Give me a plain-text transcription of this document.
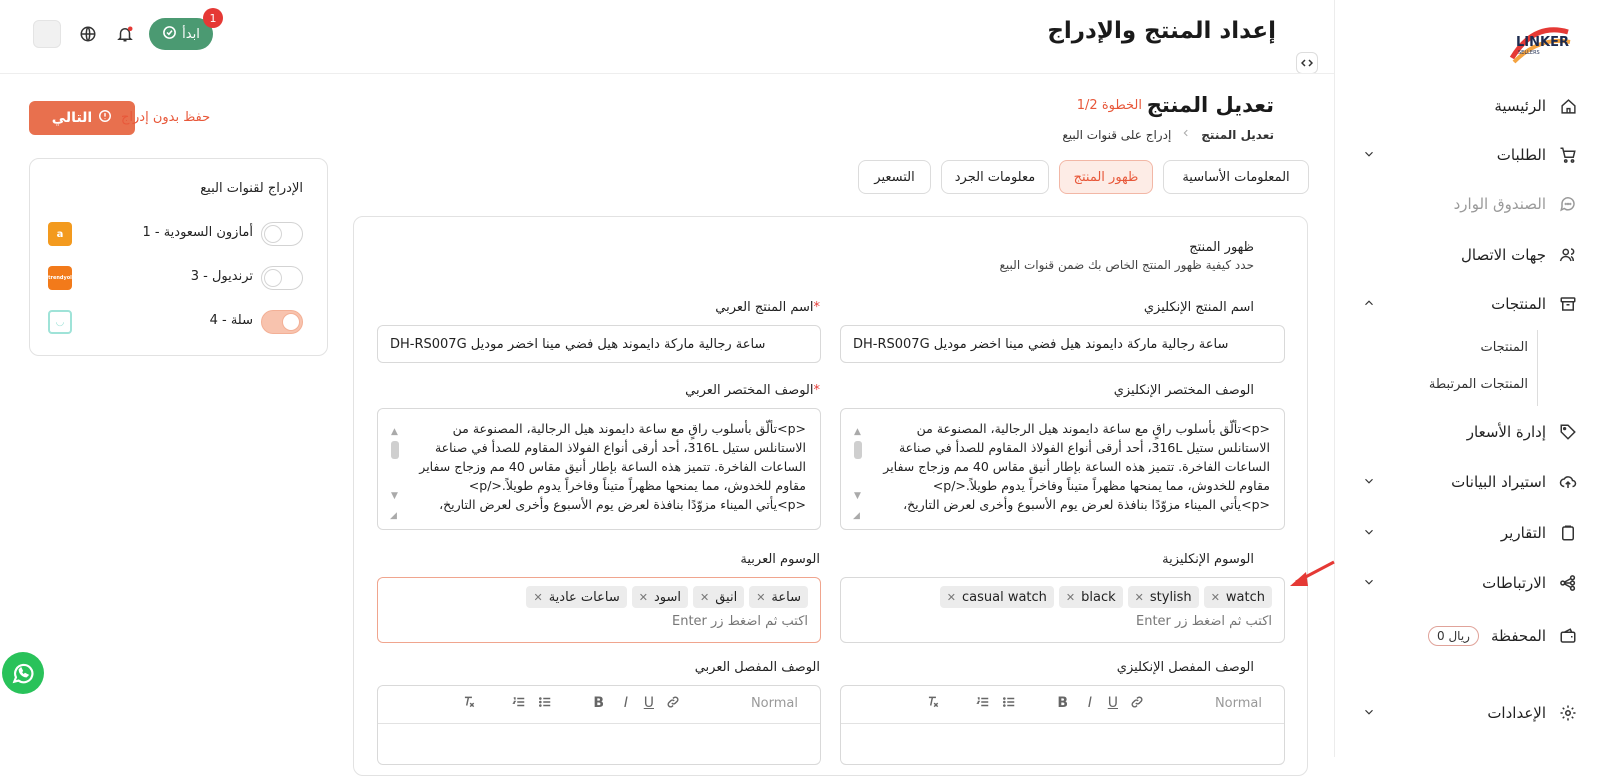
LINKER
SELLERS
الرئيسية
الطلبات
الصندوق الوارد
جهات الاتصال
المنتجات
المنتجات
المنتجات المرتبطة
إدارة الأسعار
استيراد البيانات
التقارير
الارتباطات
المحفظة
0 ريال
الإعدادات
إعداد المنتج والإدراج
ابدأ
1
تعديل المنتج
الخطوة 1/2
تعديل المنتج
إدراج على قنوات البيع
التالي حفظ بدون إدراج
المعلومات الأساسية
ظهور المنتج
معلومات الجرد
التسعير
ظهور المنتج
حدد كيفية ظهور المنتج الخاص بك ضمن قنوات البيع
اسم المنتج الإنكليزي
اسم المنتج العربي*
ساعة رجالية ماركة دايموند هيل فضي مينا اخضر موديل DH-RS007G
ساعة رجالية ماركة دايموند هيل فضي مينا اخضر موديل DH-RS007G
الوصف المختصر الإنكليزي
الوصف المختصر العربي*
<p>تألّق بأسلوب راقٍ مع ساعة دايموند هيل الرجالية، المصنوعة من
الاستانلس ستيل 316L، أحد أرقى أنواع الفولاذ المقاوم للصدأ في صناعة
الساعات الفاخرة. تتميز هذه الساعة بإطار أنيق مقاس 40 مم وزجاج سفاير
مقاوم للخدوش، مما يمنحها مظهراً متيناً وفاخراً يدوم طويلاً.</p>
<p>يأتي الميناء مزوّدًا بنافذة لعرض يوم الأسبوع وأخرى لعرض التاريخ،
▲
▼
◢
<p>تألّق بأسلوب راقٍ مع ساعة دايموند هيل الرجالية، المصنوعة من
الاستانلس ستيل 316L، أحد أرقى أنواع الفولاذ المقاوم للصدأ في صناعة
الساعات الفاخرة. تتميز هذه الساعة بإطار أنيق مقاس 40 مم وزجاج سفاير
مقاوم للخدوش، مما يمنحها مظهراً متيناً وفاخراً يدوم طويلاً.</p>
<p>يأتي الميناء مزوّدًا بنافذة لعرض يوم الأسبوع وأخرى لعرض التاريخ،
▲
▼
◢
الوسوم الإنكليزية
الوسوم العربية
watch
✕
stylish
✕
black
✕
casual watch
✕
اكتب ثم اضغط زر Enter
ساعة
✕
انيق
✕
اسود
✕
ساعات عادية
✕
اكتب ثم اضغط زر Enter
الوصف المفصل الإنكليزي
الوصف المفصل العربي
Normal
U
I
B
Normal
U
I
B
الإدراج لقنوات البيع
a	أمازون السعودية - 1
trendyol	ترنديول - 3
◡	سلة - 4
